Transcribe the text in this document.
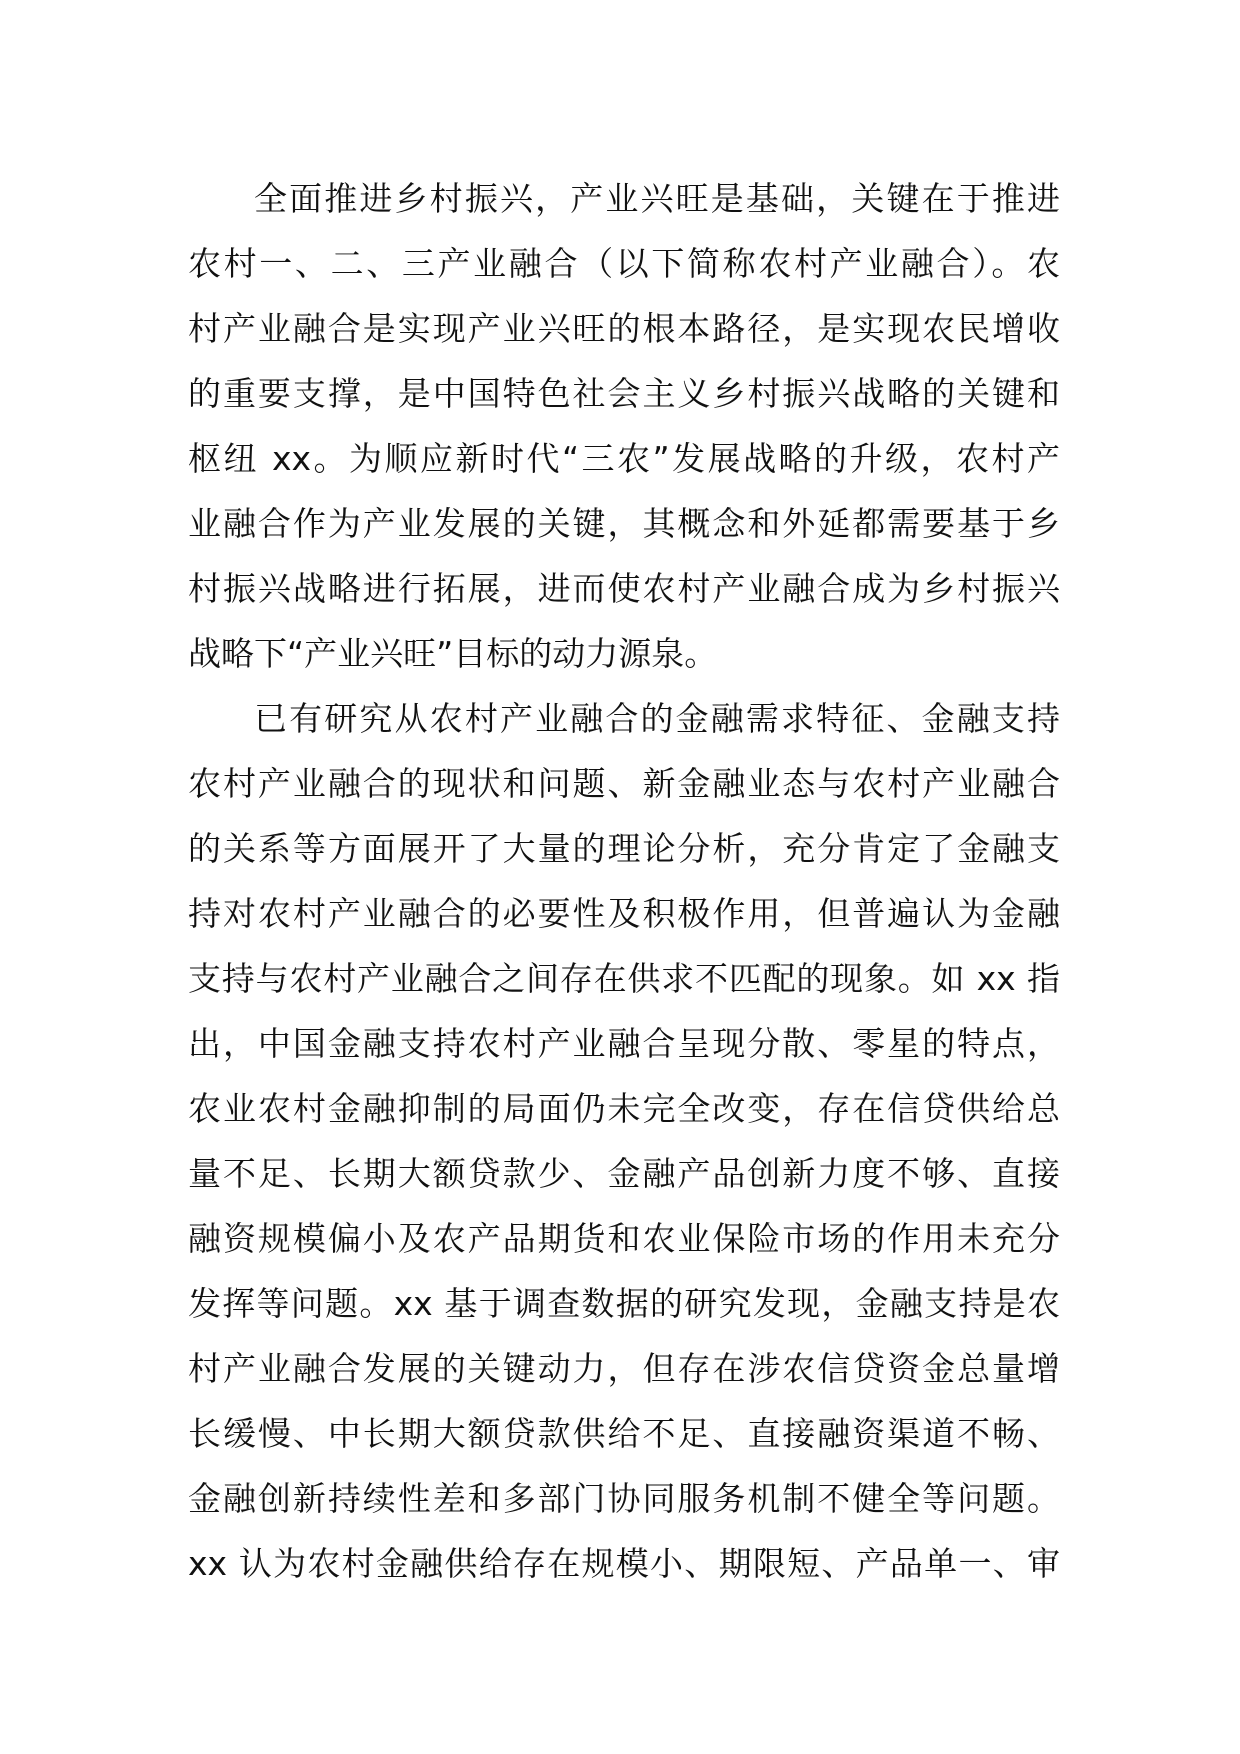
全面推进乡村振兴，产业兴旺是基础，关键在于推进
农村一、二、三产业融合（以下简称农村产业融合）。农
村产业融合是实现产业兴旺的根本路径，是实现农民增收
的重要支撑，是中国特色社会主义乡村振兴战略的关键和
枢纽 xx。为顺应新时代“三农”发展战略的升级，农村产
业融合作为产业发展的关键，其概念和外延都需要基于乡
村振兴战略进行拓展，进而使农村产业融合成为乡村振兴
战略下“产业兴旺”目标的动力源泉。
已有研究从农村产业融合的金融需求特征、金融支持
农村产业融合的现状和问题、新金融业态与农村产业融合
的关系等方面展开了大量的理论分析，充分肯定了金融支
持对农村产业融合的必要性及积极作用，但普遍认为金融
支持与农村产业融合之间存在供求不匹配的现象。如 xx 指
出，中国金融支持农村产业融合呈现分散、零星的特点，
农业农村金融抑制的局面仍未完全改变，存在信贷供给总
量不足、长期大额贷款少、金融产品创新力度不够、直接
融资规模偏小及农产品期货和农业保险市场的作用未充分
发挥等问题。xx 基于调查数据的研究发现，金融支持是农
村产业融合发展的关键动力，但存在涉农信贷资金总量增
长缓慢、中长期大额贷款供给不足、直接融资渠道不畅、
金融创新持续性差和多部门协同服务机制不健全等问题。
xx 认为农村金融供给存在规模小、期限短、产品单一、审
